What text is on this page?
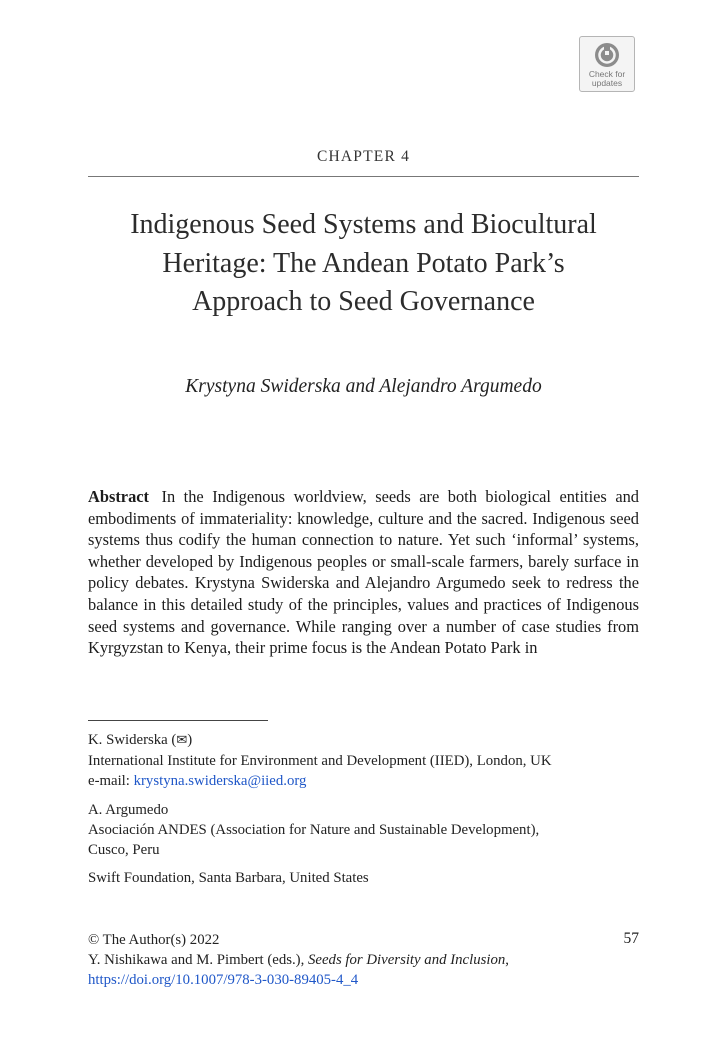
Check for
updates
CHAPTER 4
Indigenous Seed Systems and Biocultural
Heritage: The Andean Potato Park’s
Approach to Seed Governance
Krystyna Swiderska and Alejandro Argumedo
Abstract In the Indigenous worldview, seeds are both biological entities and embodiments of immateriality: knowledge, culture and the sacred. Indigenous seed systems thus codify the human connection to nature. Yet such ‘informal’ systems, whether developed by Indigenous peoples or small-scale farmers, barely surface in policy debates. Krystyna Swiderska and Alejandro Argumedo seek to redress the balance in this detailed study of the principles, values and practices of Indigenous seed systems and governance. While ranging over a number of case studies from Kyrgyzstan to Kenya, their prime focus is the Andean Potato Park in
K. Swiderska (✉)
International Institute for Environment and Development (IIED), London, UK
e-mail: krystyna.swiderska@iied.org
A. Argumedo
Asociación ANDES (Association for Nature and Sustainable Development),
Cusco, Peru
Swift Foundation, Santa Barbara, United States
© The Author(s) 2022	57
Y. Nishikawa and M. Pimbert (eds.), Seeds for Diversity and Inclusion,
https://doi.org/10.1007/978-3-030-89405-4_4
